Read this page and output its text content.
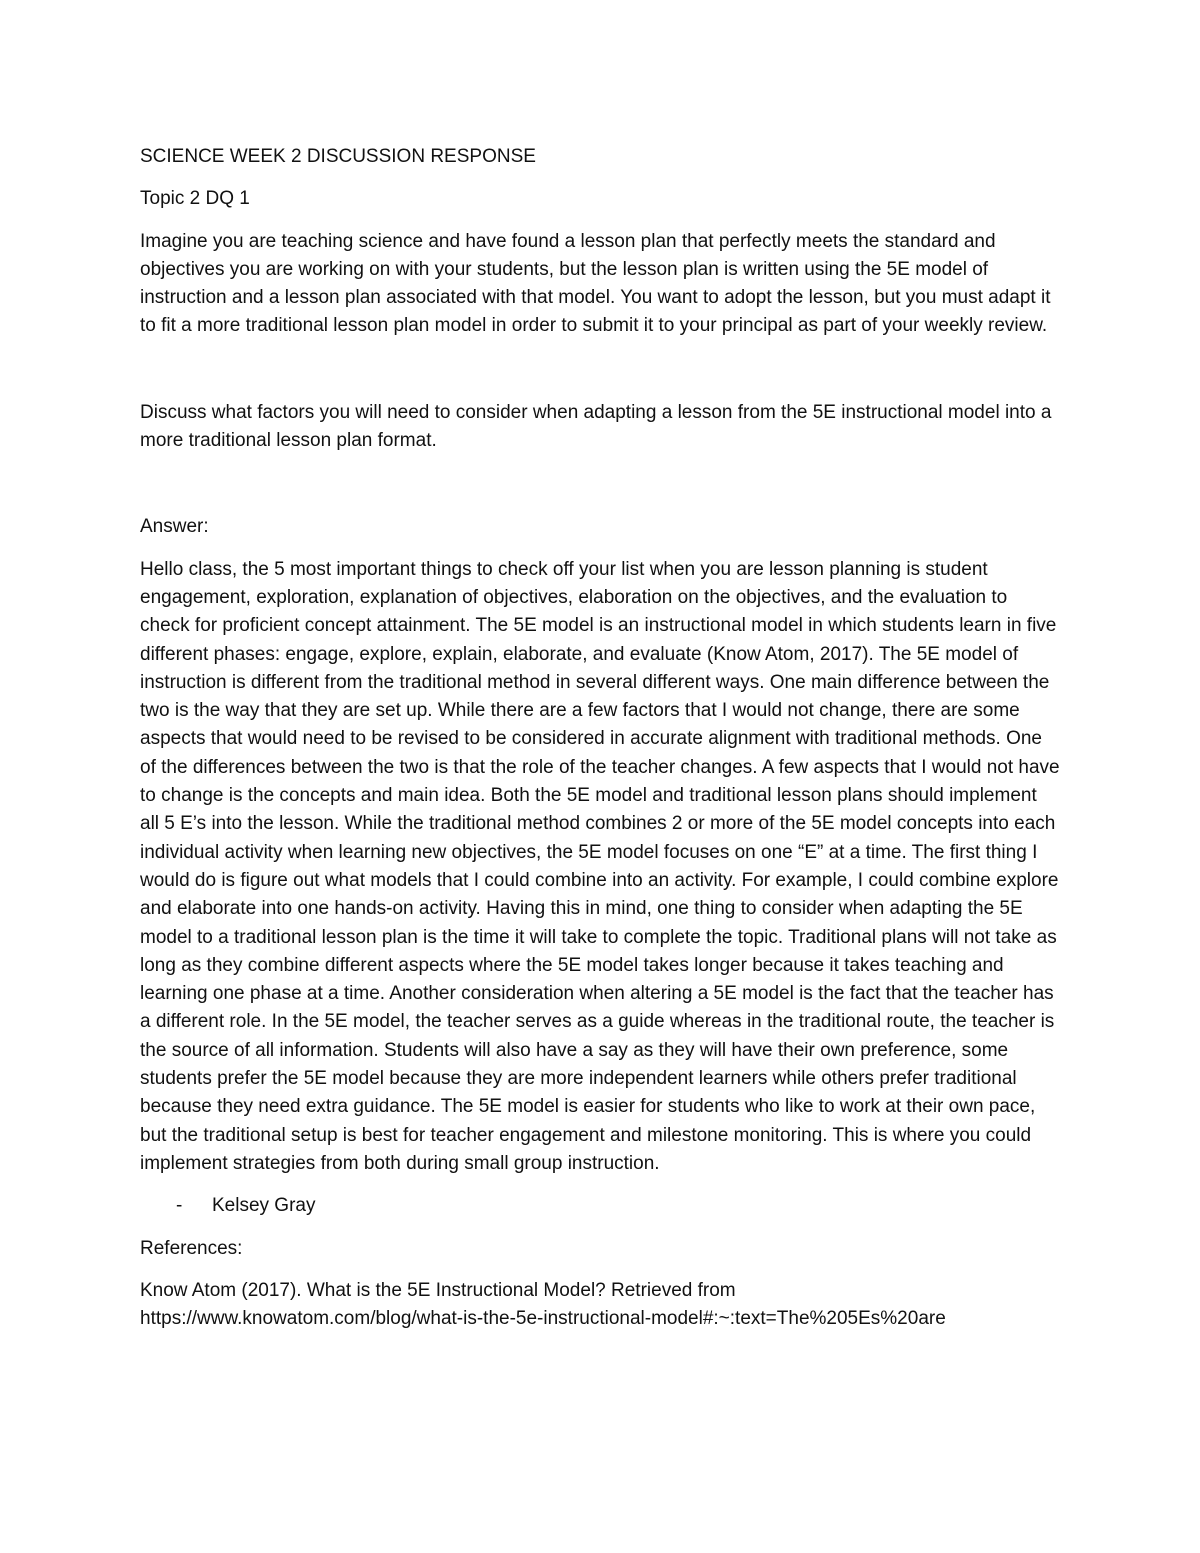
SCIENCE WEEK 2 DISCUSSION RESPONSE

Topic 2 DQ 1

Imagine you are teaching science and have found a lesson plan that perfectly meets the standard and objectives you are working on with your students, but the lesson plan is written using the 5E model of instruction and a lesson plan associated with that model. You want to adopt the lesson, but you must adapt it to fit a more traditional lesson plan model in order to submit it to your principal as part of your weekly review.

Discuss what factors you will need to consider when adapting a lesson from the 5E instructional model into a more traditional lesson plan format.

Answer:

Hello class, the 5 most important things to check off your list when you are lesson planning is student engagement, exploration, explanation of objectives, elaboration on the objectives, and the evaluation to check for proficient concept attainment. The 5E model is an instructional model in which students learn in five different phases: engage, explore, explain, elaborate, and evaluate (Know Atom, 2017). The 5E model of instruction is different from the traditional method in several different ways. One main difference between the two is the way that they are set up. While there are a few factors that I would not change, there are some aspects that would need to be revised to be considered in accurate alignment with traditional methods. One of the differences between the two is that the role of the teacher changes. A few aspects that I would not have to change is the concepts and main idea. Both the 5E model and traditional lesson plans should implement all 5 E’s into the lesson. While the traditional method combines 2 or more of the 5E model concepts into each individual activity when learning new objectives, the 5E model focuses on one “E” at a time. The first thing I would do is figure out what models that I could combine into an activity. For example, I could combine explore and elaborate into one hands-on activity. Having this in mind, one thing to consider when adapting the 5E model to a traditional lesson plan is the time it will take to complete the topic. Traditional plans will not take as long as they combine different aspects where the 5E model takes longer because it takes teaching and learning one phase at a time. Another consideration when altering a 5E model is the fact that the teacher has a different role. In the 5E model, the teacher serves as a guide whereas in the traditional route, the teacher is the source of all information. Students will also have a say as they will have their own preference, some students prefer the 5E model because they are more independent learners while others prefer traditional because they need extra guidance. The 5E model is easier for students who like to work at their own pace, but the traditional setup is best for teacher engagement and milestone monitoring. This is where you could implement strategies from both during small group instruction.

-	Kelsey Gray

References:

Know Atom (2017). What is the 5E Instructional Model? Retrieved from
https://www.knowatom.com/blog/what-is-the-5e-instructional-model#:~:text=The%205Es%20are
